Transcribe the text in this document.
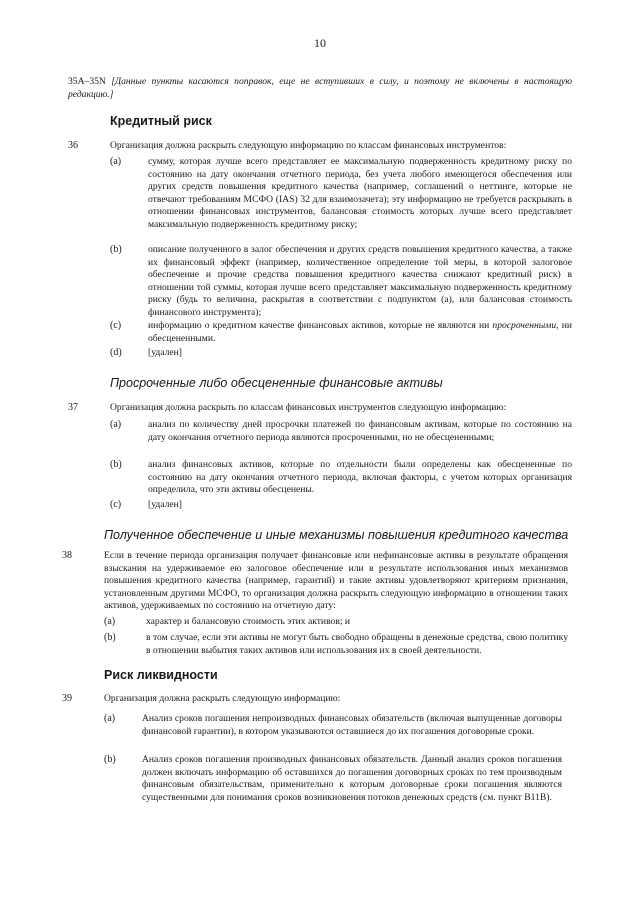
10
35A–35N [Данные пункты касаются поправок, еще не вступивших в силу, и поэтому не включены в настоящую редакцию.]
Кредитный риск
36	Организация должна раскрыть следующую информацию по классам финансовых инструментов:
(a)	сумму, которая лучше всего представляет ее максимальную подверженность кредитному риску по состоянию на дату окончания отчетного периода, без учета любого имеющегося обеспечения или других средств повышения кредитного качества (например, соглашений о неттинге, которые не отвечают требованиям МСФО (IAS) 32 для взаимозачета); эту информацию не требуется раскрывать в отношении финансовых инструментов, балансовая стоимость которых лучше всего представляет максимальную подверженность кредитному риску;
(b)	описание полученного в залог обеспечения и других средств повышения кредитного качества, а также их финансовый эффект (например, количественное определение той меры, в которой залоговое обеспечение и прочие средства повышения кредитного качества снижают кредитный риск) в отношении той суммы, которая лучше всего представляет максимальную подверженность кредитному риску (будь то величина, раскрытая в соответствии с подпунктом (а), или балансовая стоимость финансового инструмента);
(c)	информацию о кредитном качестве финансовых активов, которые не являются ни просроченными, ни обесцененными.
(d)	[удален]
Просроченные либо обесцененные финансовые активы
37	Организация должна раскрыть по классам финансовых инструментов следующую информацию:
(a)	анализ по количеству дней просрочки платежей по финансовым активам, которые по состоянию на дату окончания отчетного периода являются просроченными, но не обесцененными;
(b)	анализ финансовых активов, которые по отдельности были определены как обесцененные по состоянию на дату окончания отчетного периода, включая факторы, с учетом которых организация определила, что эти активы обесценены.
(c)	[удален]
Полученное обеспечение и иные механизмы повышения кредитного качества
38	Если в течение периода организация получает финансовые или нефинансовые активы в результате обращения взыскания на удерживаемое ею залоговое обеспечение или в результате использования иных механизмов повышения кредитного качества (например, гарантий) и такие активы удовлетворяют критериям признания, установленным другими МСФО, то организация должна раскрыть следующую информацию в отношении таких активов, удерживаемых по состоянию на отчетную дату:
(a)	характер и балансовую стоимость этих активов; и
(b)	в том случае, если эти активы не могут быть свободно обращены в денежные средства, свою политику в отношении выбытия таких активов или использования их в своей деятельности.
Риск ликвидности
39	Организация должна раскрыть следующую информацию:
(a)	Анализ сроков погашения непроизводных финансовых обязательств (включая выпущенные договоры финансовой гарантии), в котором указываются оставшиеся до их погашения договорные сроки.
(b)	Анализ сроков погашения производных финансовых обязательств. Данный анализ сроков погашения должен включать информацию об оставшихся до погашения договорных сроках по тем производным финансовым обязательствам, применительно к которым договорные сроки погашения являются существенными для понимания сроков возникновения потоков денежных средств (см. пункт B11B).
